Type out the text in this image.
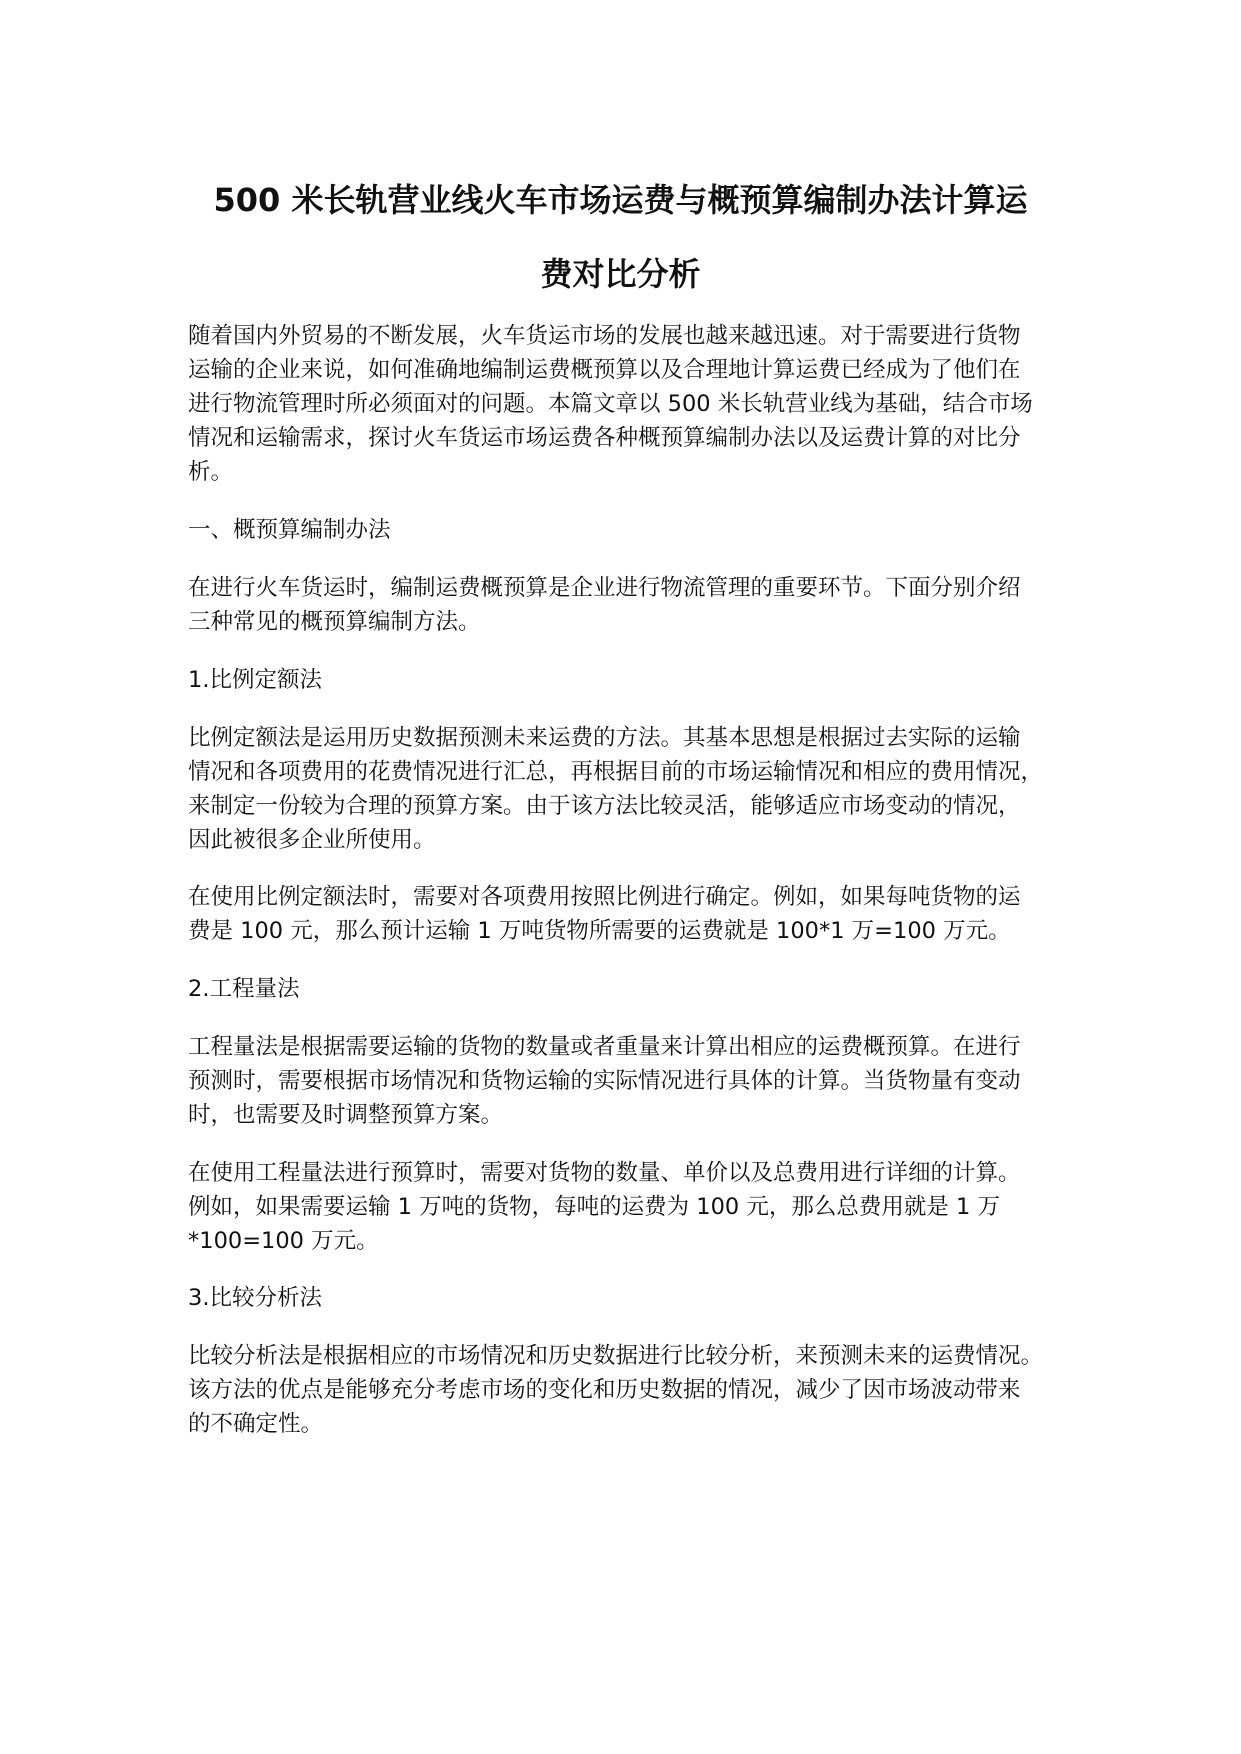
500 米长轨营业线火车市场运费与概预算编制办法计算运
费对比分析

随着国内外贸易的不断发展，火车货运市场的发展也越来越迅速。对于需要进行货物

运输的企业来说，如何准确地编制运费概预算以及合理地计算运费已经成为了他们在

进行物流管理时所必须面对的问题。本篇文章以 500 米长轨营业线为基础，结合市场

情况和运输需求，探讨火车货运市场运费各种概预算编制办法以及运费计算的对比分

析。

一、概预算编制办法

在进行火车货运时，编制运费概预算是企业进行物流管理的重要环节。下面分别介绍

三种常见的概预算编制方法。

1.比例定额法

比例定额法是运用历史数据预测未来运费的方法。其基本思想是根据过去实际的运输

情况和各项费用的花费情况进行汇总，再根据目前的市场运输情况和相应的费用情况，

来制定一份较为合理的预算方案。由于该方法比较灵活，能够适应市场变动的情况，

因此被很多企业所使用。

在使用比例定额法时，需要对各项费用按照比例进行确定。例如，如果每吨货物的运

费是 100 元，那么预计运输 1 万吨货物所需要的运费就是 100*1 万=100 万元。

2.工程量法

工程量法是根据需要运输的货物的数量或者重量来计算出相应的运费概预算。在进行

预测时，需要根据市场情况和货物运输的实际情况进行具体的计算。当货物量有变动

时，也需要及时调整预算方案。

在使用工程量法进行预算时，需要对货物的数量、单价以及总费用进行详细的计算。

例如，如果需要运输 1 万吨的货物，每吨的运费为 100 元，那么总费用就是 1 万

*100=100 万元。

3.比较分析法

比较分析法是根据相应的市场情况和历史数据进行比较分析，来预测未来的运费情况。

该方法的优点是能够充分考虑市场的变化和历史数据的情况，减少了因市场波动带来

的不确定性。
